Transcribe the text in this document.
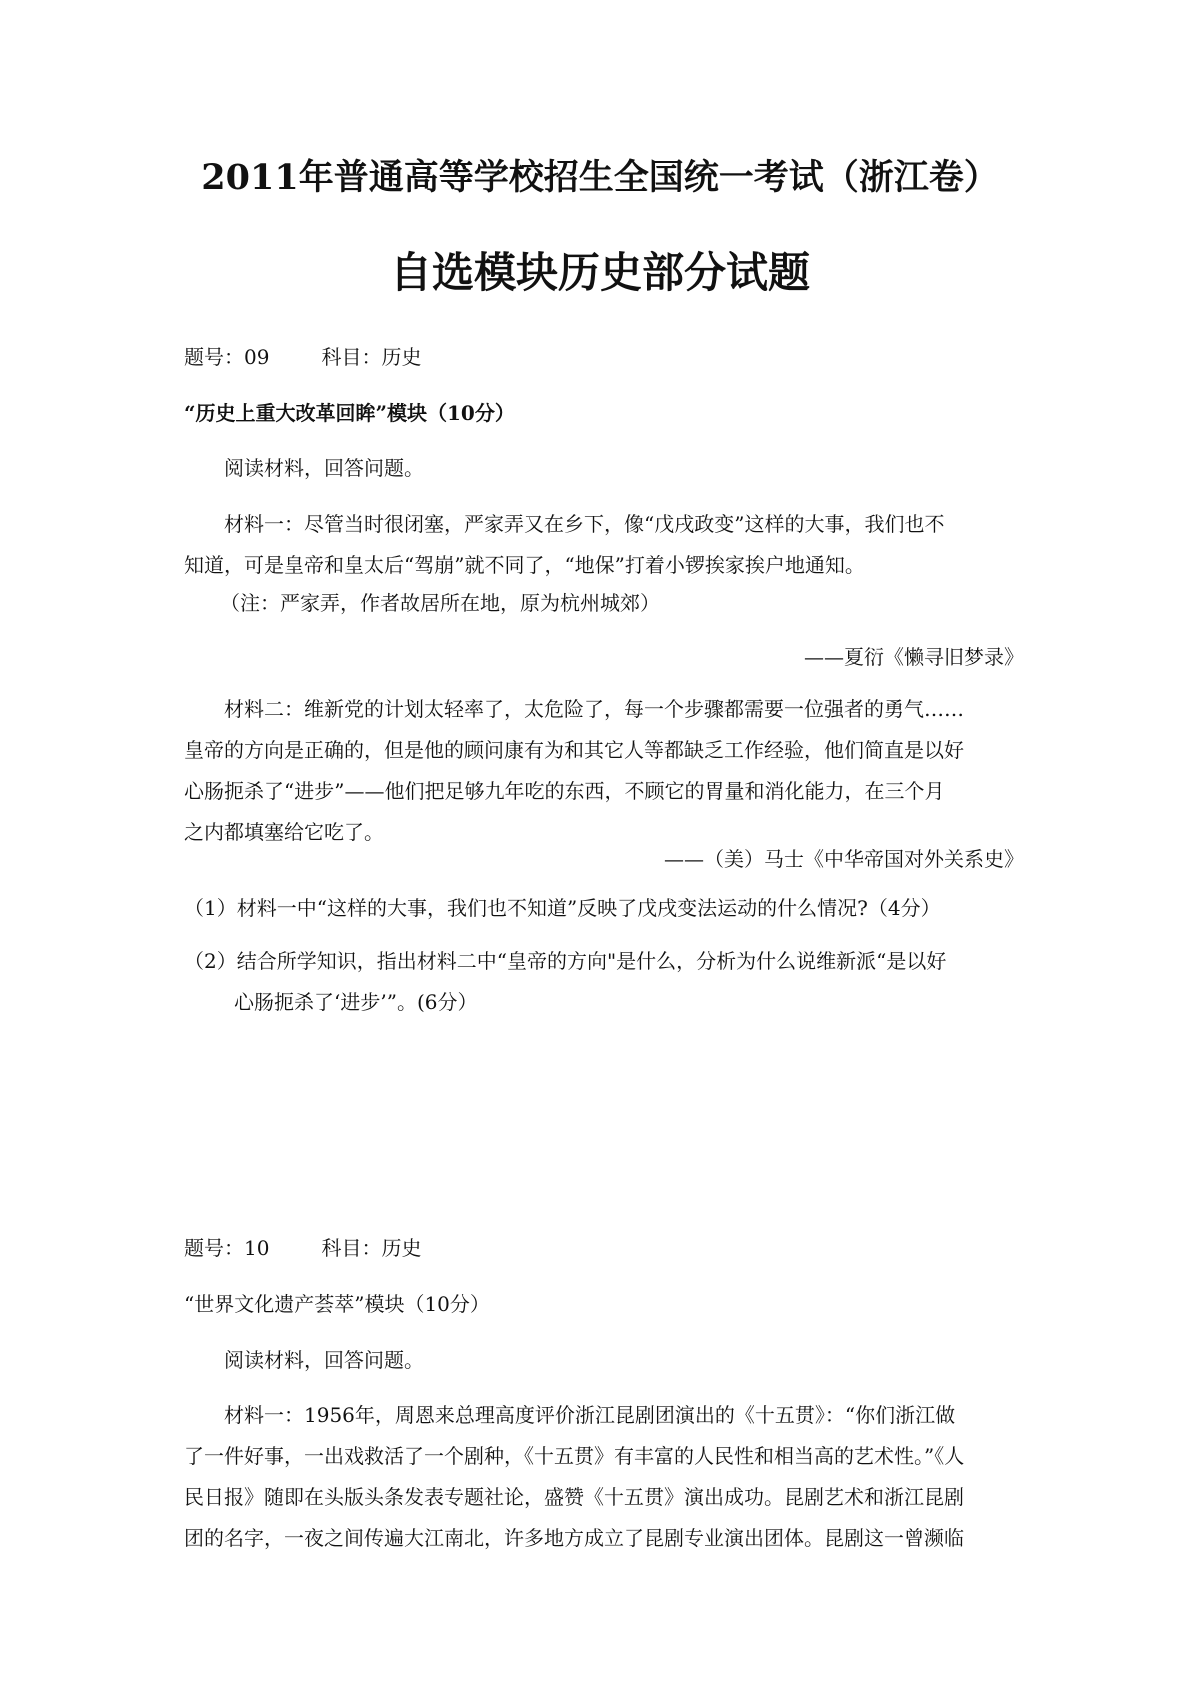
2011年普通高等学校招生全国统一考试（浙江卷）
自选模块历史部分试题
题号：09	科目：历史
“历史上重大改革回眸”模块（10分）
阅读材料，回答问题。
材料一：尽管当时很闭塞，严家弄又在乡下，像“戊戌政变”这样的大事，我们也不
知道，可是皇帝和皇太后“驾崩”就不同了，“地保”打着小锣挨家挨户地通知。
（注：严家弄，作者故居所在地，原为杭州城郊）
——夏衍《懒寻旧梦录》
材料二：维新党的计划太轻率了，太危险了，每一个步骤都需要一位强者的勇气……
皇帝的方向是正确的，但是他的顾问康有为和其它人等都缺乏工作经验，他们简直是以好
心肠扼杀了“进步”——他们把足够九年吃的东西，不顾它的胃量和消化能力，在三个月
之内都填塞给它吃了。
——（美）马士《中华帝国对外关系史》
（1）材料一中“这样的大事，我们也不知道”反映了戊戌变法运动的什么情况?（4分）
（2）结合所学知识，指出材料二中“皇帝的方向"是什么，分析为什么说维新派“是以好
心肠扼杀了‘进步’”。(6分）
题号：10	科目：历史
“世界文化遗产荟萃”模块（10分）
阅读材料，回答问题。
材料一：1956年，周恩来总理高度评价浙江昆剧团演出的《十五贯》：“你们浙江做
了一件好事，一出戏救活了一个剧种，《十五贯》有丰富的人民性和相当高的艺术性。”《人
民日报》随即在头版头条发表专题社论，盛赞《十五贯》演出成功。昆剧艺术和浙江昆剧
团的名字，一夜之间传遍大江南北，许多地方成立了昆剧专业演出团体。昆剧这一曾濒临
